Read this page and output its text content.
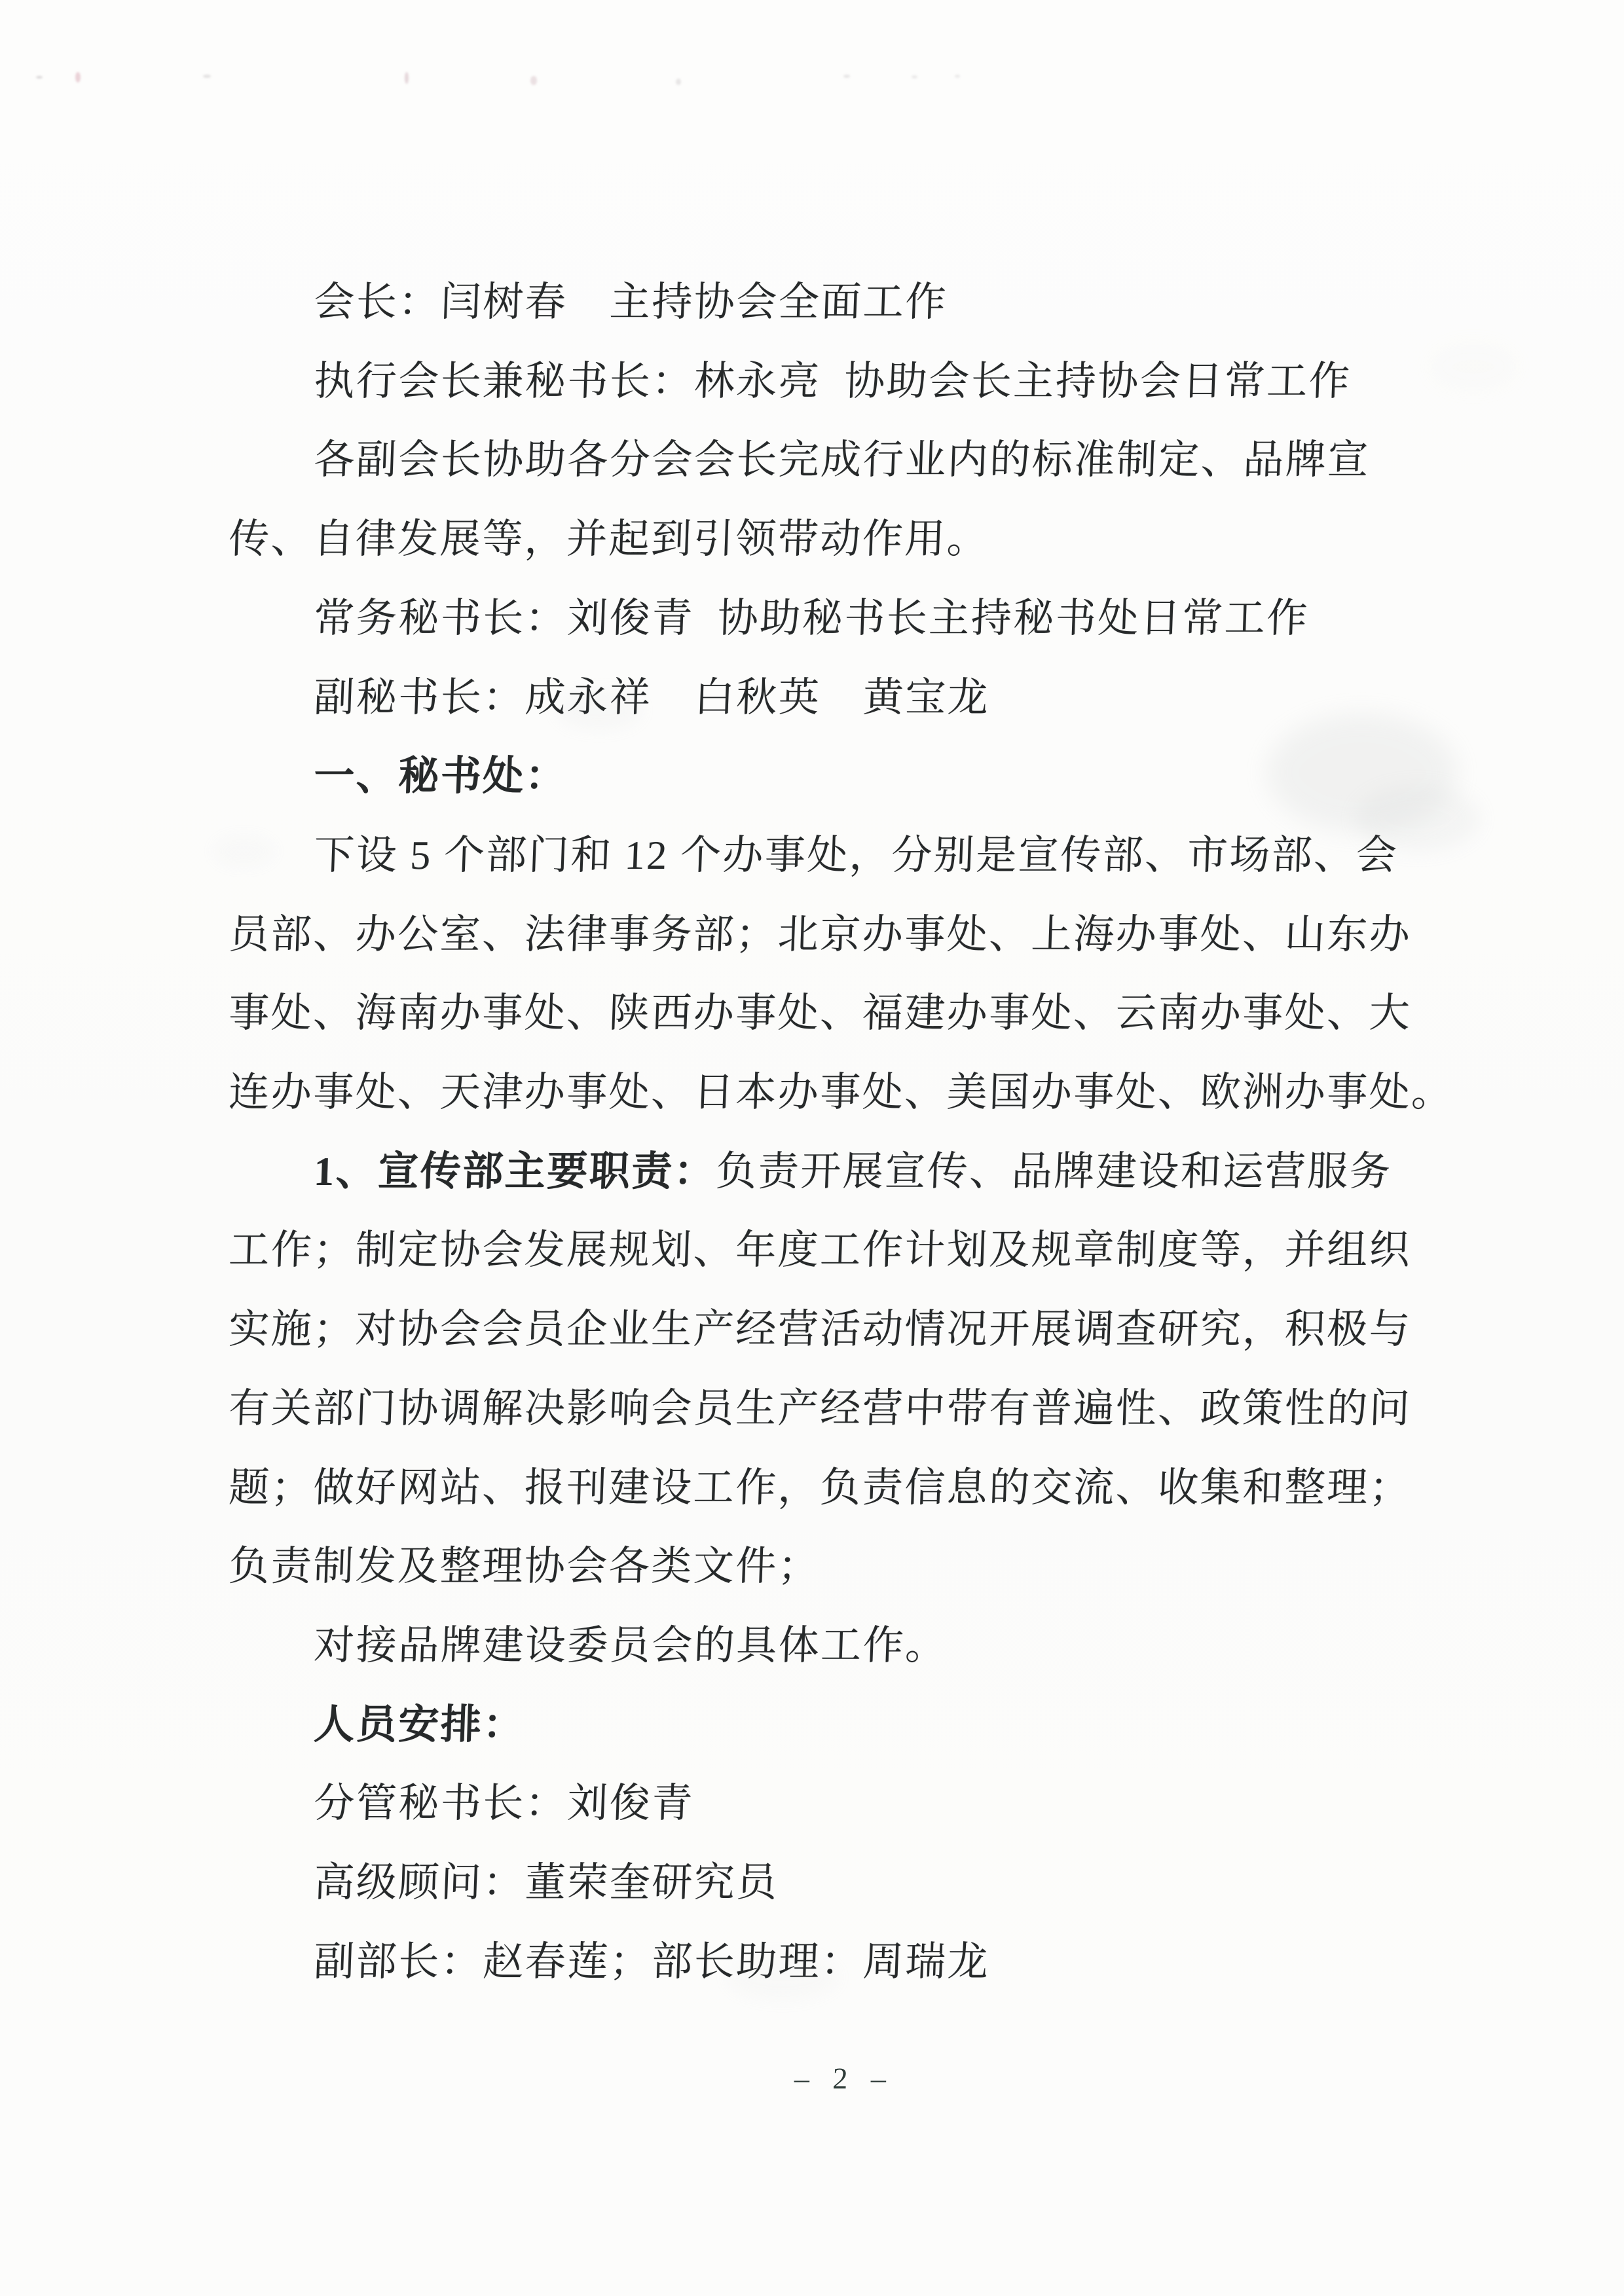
会长：闫树春　主持协会全面工作
执行会长兼秘书长：林永亮  协助会长主持协会日常工作
各副会长协助各分会会长完成行业内的标准制定、品牌宣
传、自律发展等，并起到引领带动作用。
常务秘书长：刘俊青  协助秘书长主持秘书处日常工作
副秘书长：成永祥　白秋英　黄宝龙
一、秘书处：
下设 5 个部门和 12 个办事处，分别是宣传部、市场部、会
员部、办公室、法律事务部；北京办事处、上海办事处、山东办
事处、海南办事处、陕西办事处、福建办事处、云南办事处、大
连办事处、天津办事处、日本办事处、美国办事处、欧洲办事处。
1、宣传部主要职责：负责开展宣传、品牌建设和运营服务
工作；制定协会发展规划、年度工作计划及规章制度等，并组织
实施；对协会会员企业生产经营活动情况开展调查研究，积极与
有关部门协调解决影响会员生产经营中带有普遍性、政策性的问
题；做好网站、报刊建设工作，负责信息的交流、收集和整理；
负责制发及整理协会各类文件；
对接品牌建设委员会的具体工作。
人员安排：
分管秘书长：刘俊青
高级顾问：董荣奎研究员
副部长：赵春莲；部长助理：周瑞龙
– 2 –
